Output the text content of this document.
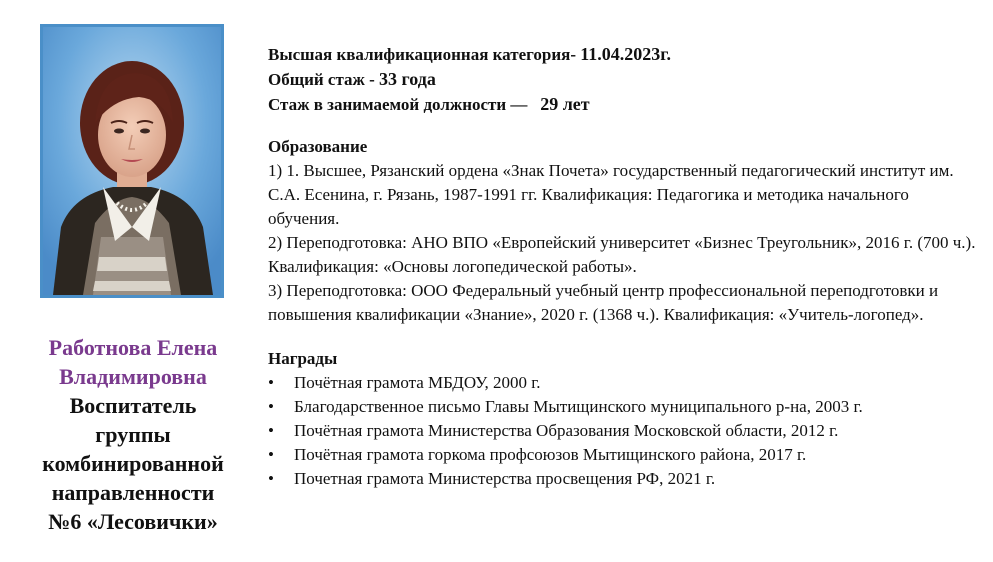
Работнова Елена
Владимировна
Воспитатель
группы
комбинированной
направленности
№6 «Лесовички»
Высшая квалификационная категория- 11.04.2023г.
Общий стаж - 33 года
Стаж в занимаемой должности — 29 лет
Образование
1) 1. Высшее, Рязанский ордена «Знак Почета» государственный педагогический институт им. С.А. Есенина, г. Рязань, 1987-1991 гг. Квалификация: Педагогика и методика начального обучения.
2) Переподготовка: АНО ВПО «Европейский университет «Бизнес Треугольник», 2016 г. (700 ч.). Квалификация: «Основы логопедической работы».
3) Переподготовка: ООО Федеральный учебный центр профессиональной переподготовки и повышения квалификации «Знание», 2020 г. (1368 ч.). Квалификация: «Учитель-логопед».
Награды
• Почётная грамота МБДОУ, 2000 г.
• Благодарственное письмо Главы Мытищинского муниципального р-на, 2003 г.
• Почётная грамота Министерства Образования Московской области, 2012 г.
• Почётная грамота горкома профсоюзов Мытищинского района, 2017 г.
• Почетная грамота Министерства просвещения РФ, 2021 г.
